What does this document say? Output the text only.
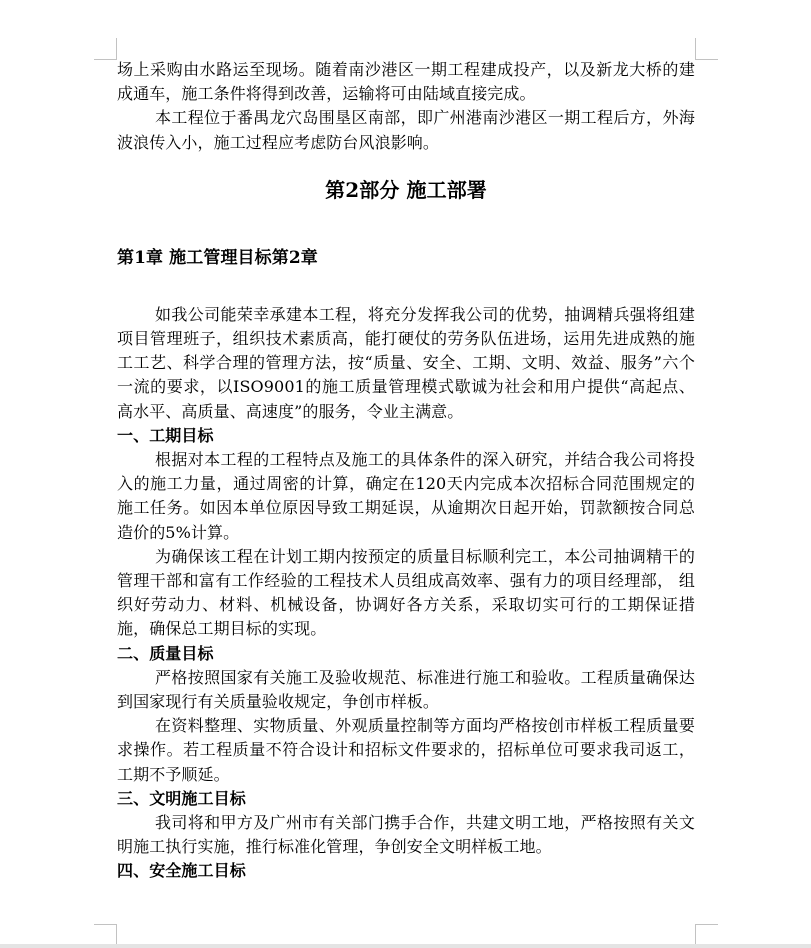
场上采购由水路运至现场。随着南沙港区一期工程建成投产，以及新龙大桥的建成通车，施工条件将得到改善，运输将可由陆域直接完成。

本工程位于番禺龙穴岛围垦区南部，即广州港南沙港区一期工程后方，外海波浪传入小，施工过程应考虑防台风浪影响。

第2部分 施工部署
第1章 施工管理目标第2章

如我公司能荣幸承建本工程，将充分发挥我公司的优势，抽调精兵强将组建项目管理班子，组织技术素质高，能打硬仗的劳务队伍进场，运用先进成熟的施工工艺、科学合理的管理方法，按“质量、安全、工期、文明、效益、服务”六个一流的要求，以ISO9001的施工质量管理模式歇诚为社会和用户提供“高起点、高水平、高质量、高速度”的服务，令业主满意。

一、工期目标

根据对本工程的工程特点及施工的具体条件的深入研究，并结合我公司将投入的施工力量，通过周密的计算，确定在120天内完成本次招标合同范围规定的施工任务。如因本单位原因导致工期延误，从逾期次日起开始，罚款额按合同总造价的5%计算。

为确保该工程在计划工期内按预定的质量目标顺利完工，本公司抽调精干的管理干部和富有工作经验的工程技术人员组成高效率、强有力的项目经理部， 组织好劳动力、材料、机械设备，协调好各方关系，采取切实可行的工期保证措施，确保总工期目标的实现。

二、质量目标

严格按照国家有关施工及验收规范、标准进行施工和验收。工程质量确保达到国家现行有关质量验收规定，争创市样板。

在资料整理、实物质量、外观质量控制等方面均严格按创市样板工程质量要求操作。若工程质量不符合设计和招标文件要求的，招标单位可要求我司返工，工期不予顺延。

三、文明施工目标

我司将和甲方及广州市有关部门携手合作，共建文明工地，严格按照有关文明施工执行实施，推行标准化管理，争创安全文明样板工地。

四、安全施工目标
